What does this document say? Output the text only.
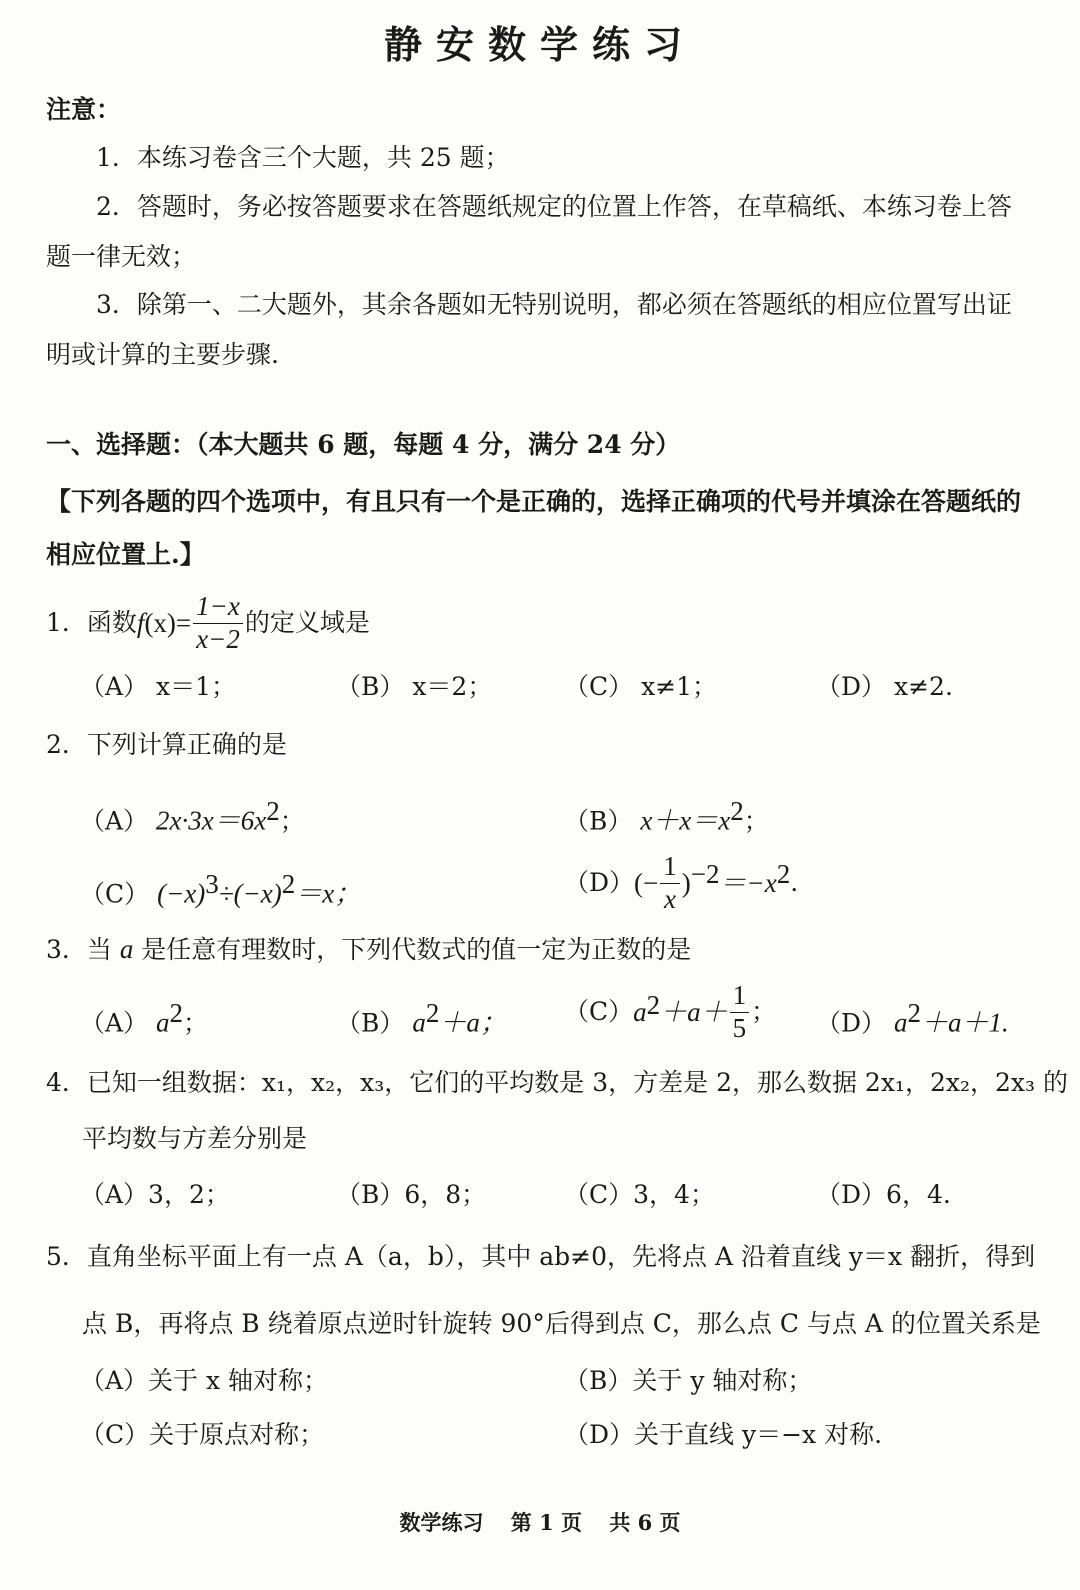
静安数学练习
注意：
1．本练习卷含三个大题，共 25 题；
2．答题时，务必按答题要求在答题纸规定的位置上作答，在草稿纸、本练习卷上答
题一律无效；
3．除第一、二大题外，其余各题如无特别说明，都必须在答题纸的相应位置写出证
明或计算的主要步骤.
一、选择题：（本大题共 6 题，每题 4 分，满分 24 分）
【下列各题的四个选项中，有且只有一个是正确的，选择正确项的代号并填涂在答题纸的
相应位置上.】
1． 函数 $f(x)= \frac{1-x}{x-2}$ 的定义域是
（A） x＝1；	（B） x＝2；	（C） x≠1；	（D） x≠2.
2．下列计算正确的是
（A） $2x\cdot 3x=6x^2$；	（B） $x+x=x^2$；
（C） $(-x)^3\div(-x)^2=x$；	（D） (− $\frac{1}{x}$ ) −2 ＝−x 2 .
3．当 a 是任意有理数时，下列代数式的值一定为正数的是
（A） $a^2$；	（B） $a^2+a$； （C） a $2 +a+ \frac{1}{5}$ ； （D） $a^2+a+1$.
4．已知一组数据：x₁，x₂，x₃，它们的平均数是 3，方差是 2，那么数据 2x₁，2x₂，2x₃ 的
平均数与方差分别是
（A）3，2；	（B）6，8；	（C）3，4；	（D）6，4.
5．直角坐标平面上有一点 A（a，b），其中 ab≠0，先将点 A 沿着直线 y＝x 翻折，得到
点 B，再将点 B 绕着原点逆时针旋转 90°后得到点 C，那么点 C 与点 A 的位置关系是
（A）关于 x 轴对称；	（B）关于 y 轴对称；
（C）关于原点对称；	（D）关于直线 y＝−x 对称.
数学练习 第 1 页 共 6 页
